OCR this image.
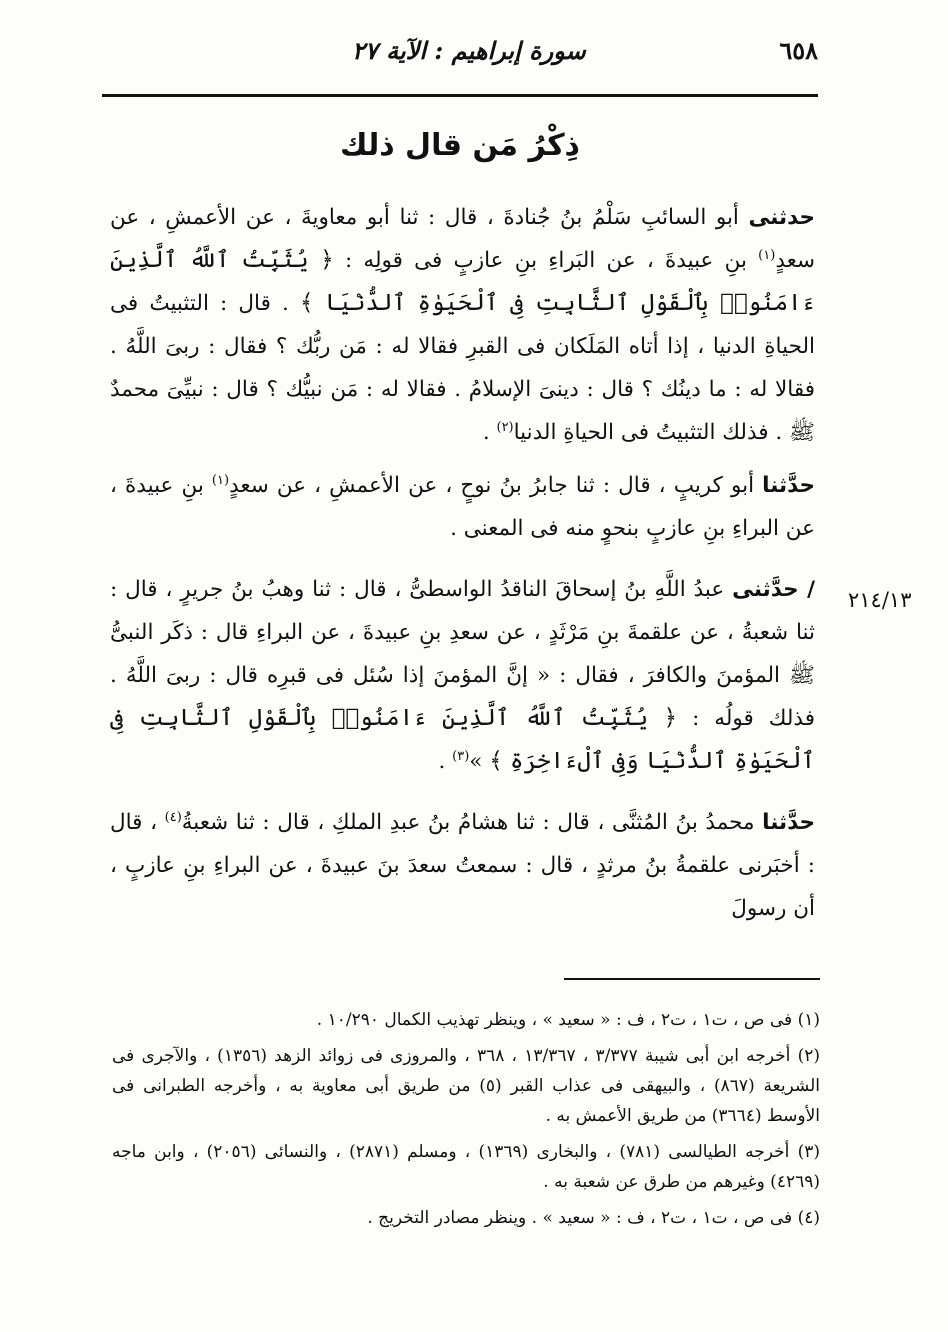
٦٥٨
سورة إبراهيم : الآية ٢٧
ذِكْرُ مَن قال ذلك
٢١٤/١٣

حدثنى أبو السائبِ سَلْمُ بنُ جُنادةَ ، قال : ثنا أبو معاويةَ ، عن الأعمشِ ، عن سعدٍ$^{(١)}$ بنِ عبيدةَ ، عن البَراءِ بنِ عازبٍ فى قولِه : ﴿ يُثَبِّتُ ٱللَّهُ ٱلَّذِينَ ءَامَنُوا۟ بِٱلْقَوْلِ ٱلثَّابِتِ فِى ٱلْحَيَوٰةِ ٱلدُّنْيَا ﴾ . قال : التثبيتُ فى الحياةِ الدنيا ، إذا أتاه المَلَكان فى القبرِ فقالا له : مَن ربُّك ؟ فقال : ربىَ اللَّهُ . فقالا له : ما دينُك ؟ قال : دينىَ الإسلامُ . فقالا له : مَن نبيُّك ؟ قال : نبيِّىَ محمدٌ ﷺ . فذلك التثبيتُ فى الحياةِ الدنيا$^{(٢)}$ .

حدَّثنا أبو كريبٍ ، قال : ثنا جابرُ بنُ نوحٍ ، عن الأعمشِ ، عن سعدٍ$^{(١)}$ بنِ عبيدةَ ، عن البراءِ بنِ عازبٍ بنحوٍ منه فى المعنى .

/ حدَّثنى عبدُ اللَّهِ بنُ إسحاقَ الناقدُ الواسطىُّ ، قال : ثنا وهبُ بنُ جريرٍ ، قال : ثنا شعبةُ ، عن علقمةَ بنِ مَرْثَدٍ ، عن سعدِ بنِ عبيدةَ ، عن البراءِ قال : ذكَر النبىُّ ﷺ المؤمنَ والكافرَ ، فقال : « إنَّ المؤمنَ إذا سُئل فى قبرِه قال : ربىَ اللَّهُ . فذلك قولُه : ﴿ يُثَبِّتُ ٱللَّهُ ٱلَّذِينَ ءَامَنُوا۟ بِٱلْقَوْلِ ٱلثَّابِتِ فِى ٱلْحَيَوٰةِ ٱلدُّنْيَا وَفِى ٱلْءَاخِرَةِ ﴾ »$^{(٣)}$ .

حدَّثنا محمدُ بنُ المُثنَّى ، قال : ثنا هشامُ بنُ عبدِ الملكِ ، قال : ثنا شعبةُ$^{(٤)}$ ، قال : أخبَرنى علقمةُ بنُ مرثدٍ ، قال : سمعتُ سعدَ بنَ عبيدةَ ، عن البراءِ بنِ عازبٍ ، أن رسولَ

(١) فى ص ، ت١ ، ت٢ ، ف : « سعيد » ، وينظر تهذيب الكمال ١٠/٢٩٠ .

(٢) أخرجه ابن أبى شيبة ٣/٣٧٧ ، ١٣/٣٦٧ ، ٣٦٨ ، والمروزى فى زوائد الزهد (١٣٥٦) ، والآجرى فى الشريعة (٨٦٧) ، والبيهقى فى عذاب القبر (٥) من طريق أبى معاوية به ، وأخرجه الطبرانى فى الأوسط (٣٦٦٤) من طريق الأعمش به .

(٣) أخرجه الطيالسى (٧٨١) ، والبخارى (١٣٦٩) ، ومسلم (٢٨٧١) ، والنسائى (٢٠٥٦) ، وابن ماجه (٤٢٦٩) وغيرهم من طرق عن شعبة به .

(٤) فى ص ، ت١ ، ت٢ ، ف : « سعيد » . وينظر مصادر التخريج .
